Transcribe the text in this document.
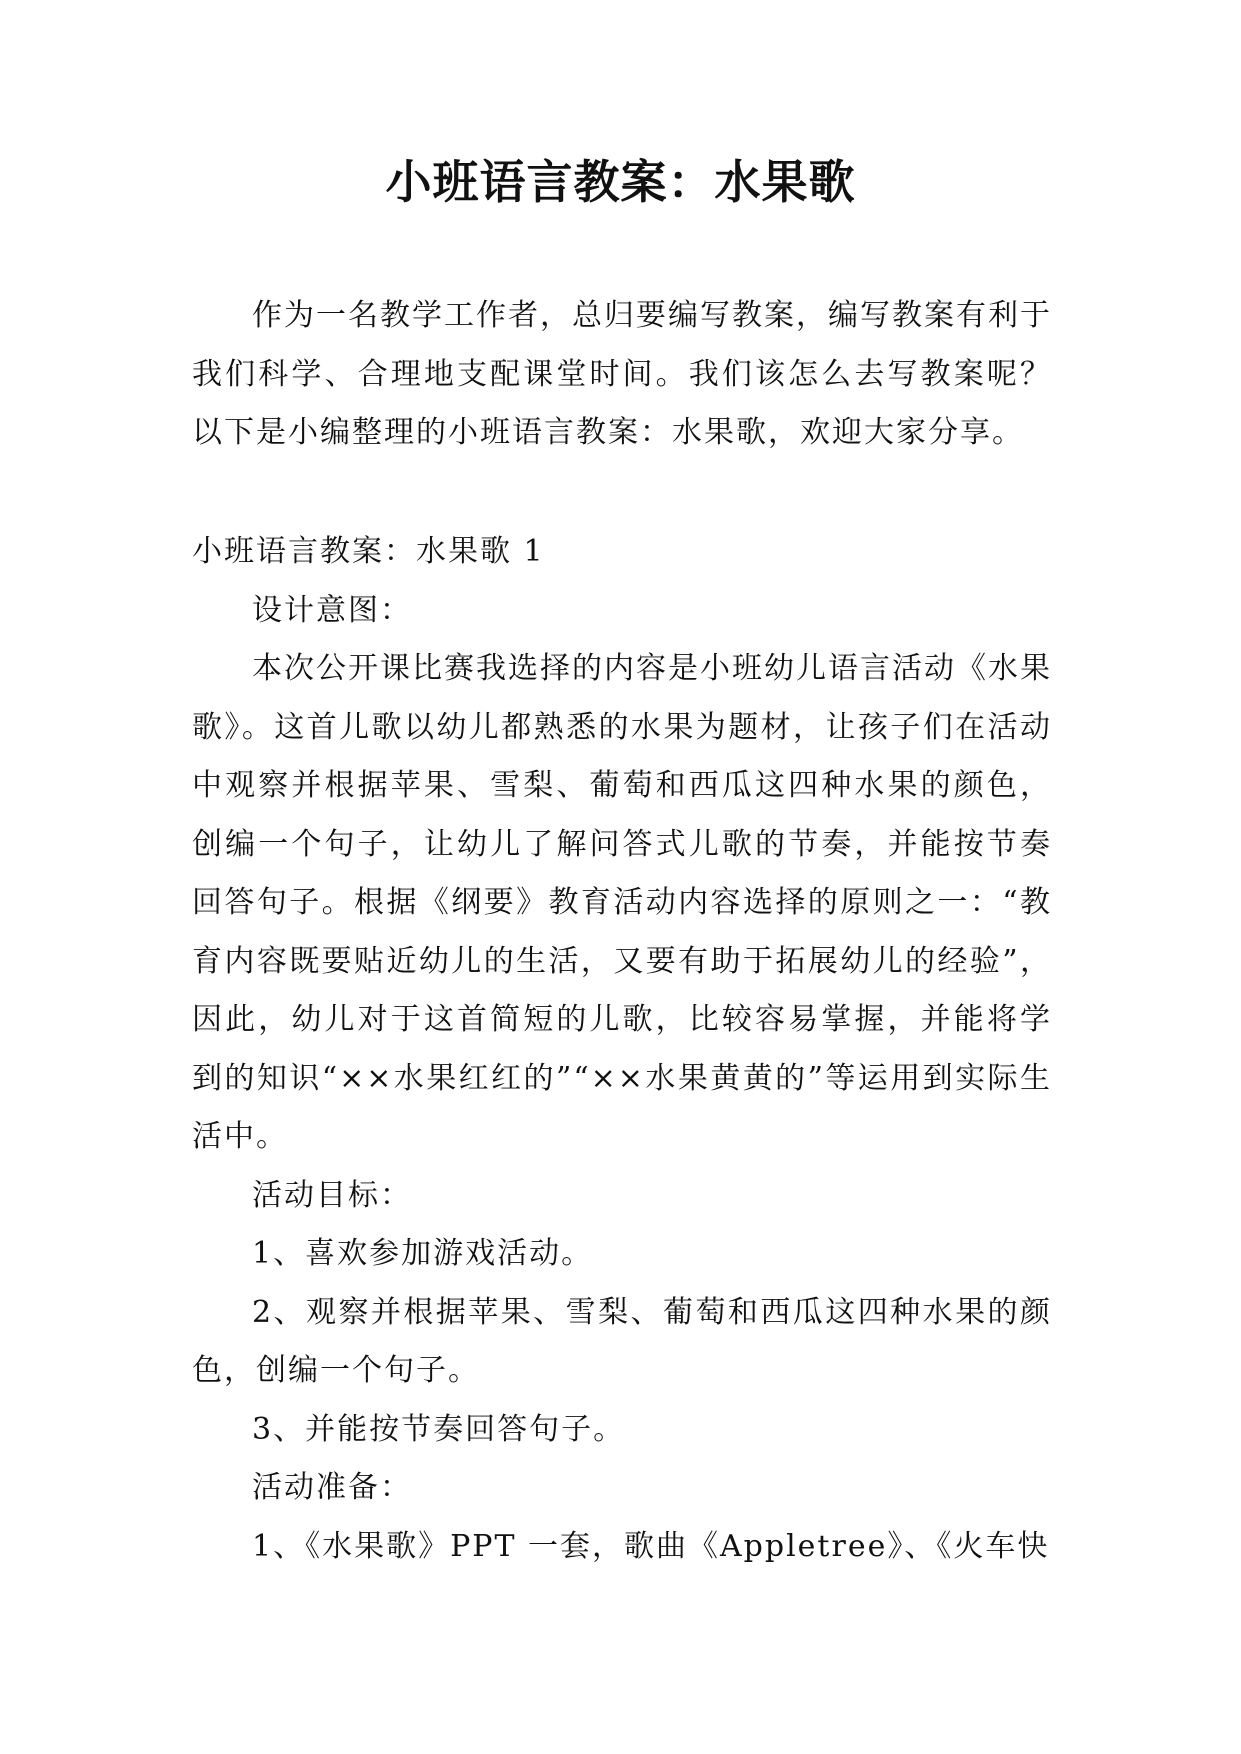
小班语言教案：水果歌

作为一名教学工作者，总归要编写教案，编写教案有利于我们科学、合理地支配课堂时间。我们该怎么去写教案呢？以下是小编整理的小班语言教案：水果歌，欢迎大家分享。

小班语言教案：水果歌 1

设计意图：

本次公开课比赛我选择的内容是小班幼儿语言活动《水果歌》。这首儿歌以幼儿都熟悉的水果为题材，让孩子们在活动中观察并根据苹果、雪梨、葡萄和西瓜这四种水果的颜色，创编一个句子，让幼儿了解问答式儿歌的节奏，并能按节奏回答句子。根据《纲要》教育活动内容选择的原则之一：“教育内容既要贴近幼儿的生活，又要有助于拓展幼儿的经验”，因此，幼儿对于这首简短的儿歌，比较容易掌握，并能将学到的知识“××水果红红的”“××水果黄黄的”等运用到实际生活中。

活动目标：

1、喜欢参加游戏活动。

2、观察并根据苹果、雪梨、葡萄和西瓜这四种水果的颜色，创编一个句子。

3、并能按节奏回答句子。

活动准备：

1、《水果歌》PPT 一套，歌曲《Appletree》、《火车快
